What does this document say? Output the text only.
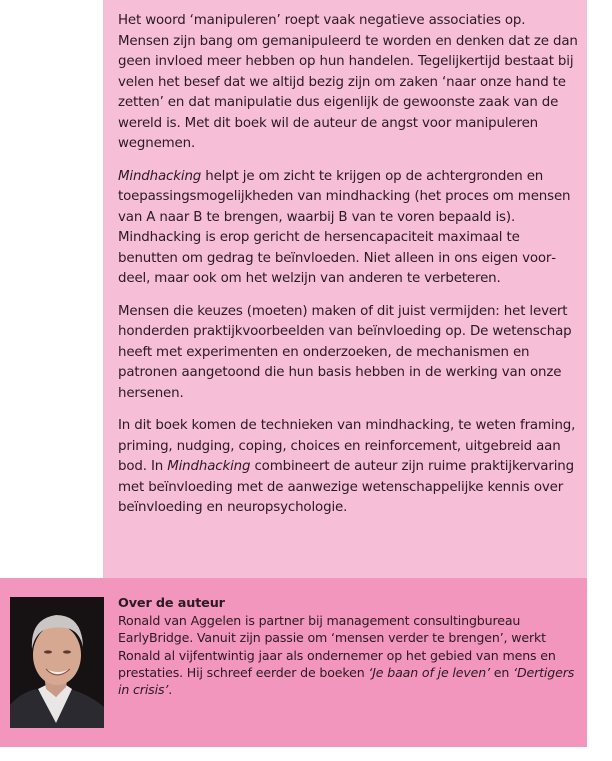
Het woord ‘manipuleren’ roept vaak negatieve associaties op. Mensen zijn bang om gemanipuleerd te worden en denken dat ze dan geen invloed meer hebben op hun handelen. Tegelijkertijd bestaat bij velen het besef dat we altijd bezig zijn om zaken ‘naar onze hand te zetten’ en dat manipulatie dus eigenlijk de gewoonste zaak van de wereld is. Met dit boek wil de auteur de angst voor manipuleren wegnemen.

Mindhacking helpt je om zicht te krijgen op de achtergronden en toepassingsmogelijkheden van mindhacking (het proces om mensen van A naar B te brengen, waarbij B van te voren bepaald is). Mindhacking is erop gericht de hersencapaciteit maximaal te benutten om gedrag te beïnvloeden. Niet alleen in ons eigen voordeel, maar ook om het welzijn van anderen te verbeteren.

Mensen die keuzes (moeten) maken of dit juist vermijden: het levert honderden praktijkvoorbeelden van beïnvloeding op. De wetenschap heeft met experimenten en onderzoeken, de mechanismen en patronen aangetoond die hun basis hebben in de werking van onze hersenen.

In dit boek komen de technieken van mindhacking, te weten framing, priming, nudging, coping, choices en reinforcement, uitgebreid aan bod. In Mindhacking combineert de auteur zijn ruime praktijkervaring met beïnvloeding met de aanwezige wetenschappelijke kennis over beïnvloeding en neuropsychologie.

Over de auteur

Ronald van Aggelen is partner bij management consultingbureau EarlyBridge. Vanuit zijn passie om ‘mensen verder te brengen’, werkt Ronald al vijfentwintig jaar als ondernemer op het gebied van mens en prestaties. Hij schreef eerder de boeken ‘Je baan of je leven’ en ‘Dertigers in crisis’.
